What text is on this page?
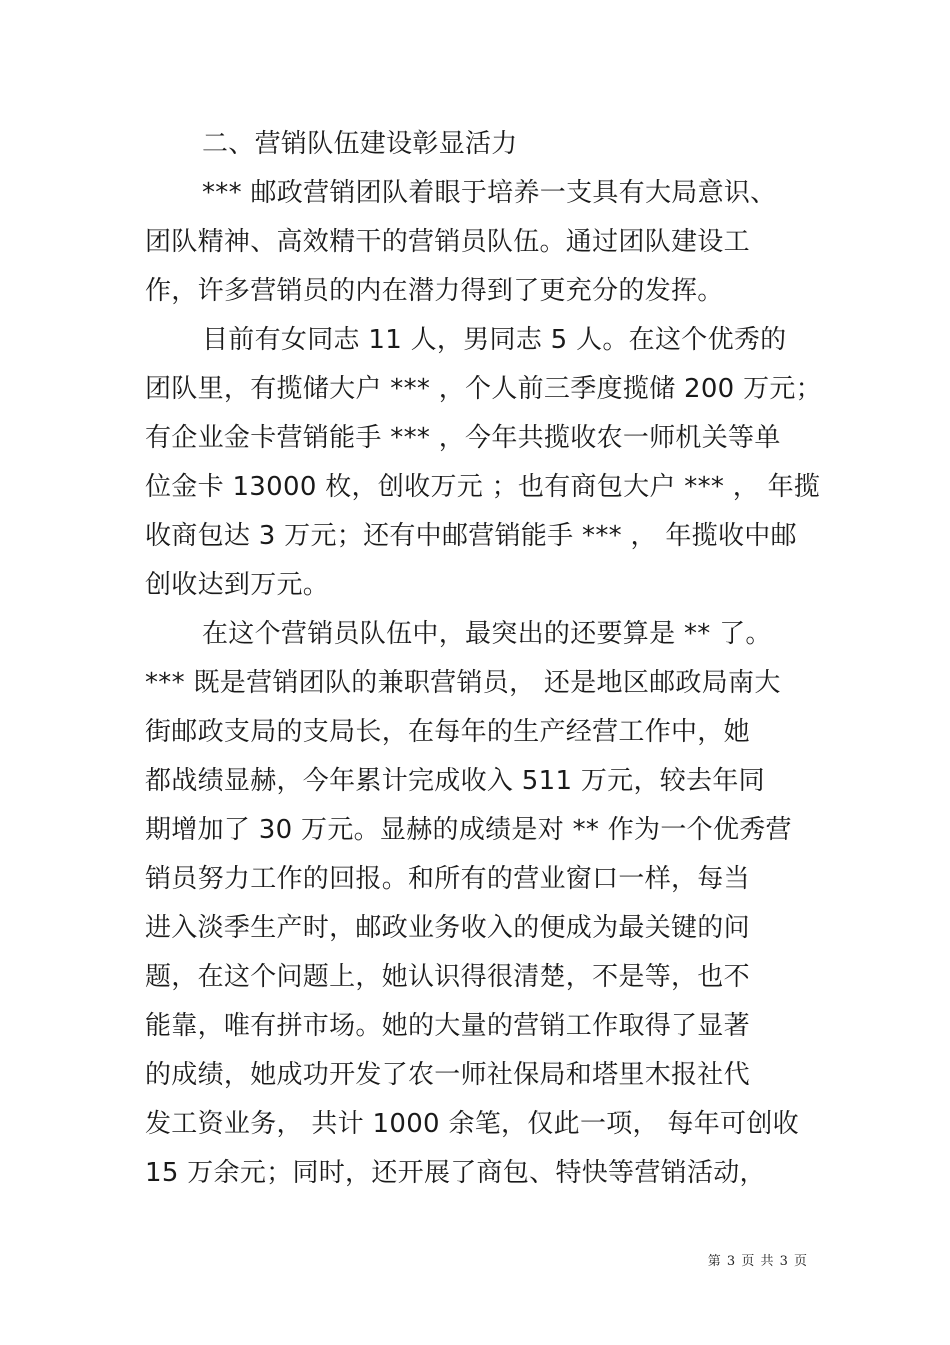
二、营销队伍建设彰显活力
*** 邮政营销团队着眼于培养一支具有大局意识、
团队精神、高效精干的营销员队伍。通过团队建设工
作，许多营销员的内在潜力得到了更充分的发挥。
目前有女同志 11 人，男同志 5 人。在这个优秀的
团队里，有揽储大户 *** ，个人前三季度揽储 200 万元；
有企业金卡营销能手 *** ，今年共揽收农一师机关等单
位金卡 13000 枚，创收万元 ；也有商包大户 *** ， 年揽
收商包达 3 万元；还有中邮营销能手 *** ， 年揽收中邮
创收达到万元。
在这个营销员队伍中，最突出的还要算是 ** 了。
*** 既是营销团队的兼职营销员， 还是地区邮政局南大
街邮政支局的支局长，在每年的生产经营工作中，她
都战绩显赫，今年累计完成收入 511 万元，较去年同
期增加了 30 万元。显赫的成绩是对 ** 作为一个优秀营
销员努力工作的回报。和所有的营业窗口一样，每当
进入淡季生产时，邮政业务收入的便成为最关键的问
题，在这个问题上，她认识得很清楚，不是等，也不
能靠，唯有拼市场。她的大量的营销工作取得了显著
的成绩，她成功开发了农一师社保局和塔里木报社代
发工资业务， 共计 1000 余笔，仅此一项， 每年可创收
15 万余元；同时，还开展了商包、特快等营销活动，
第 3 页 共 3 页
